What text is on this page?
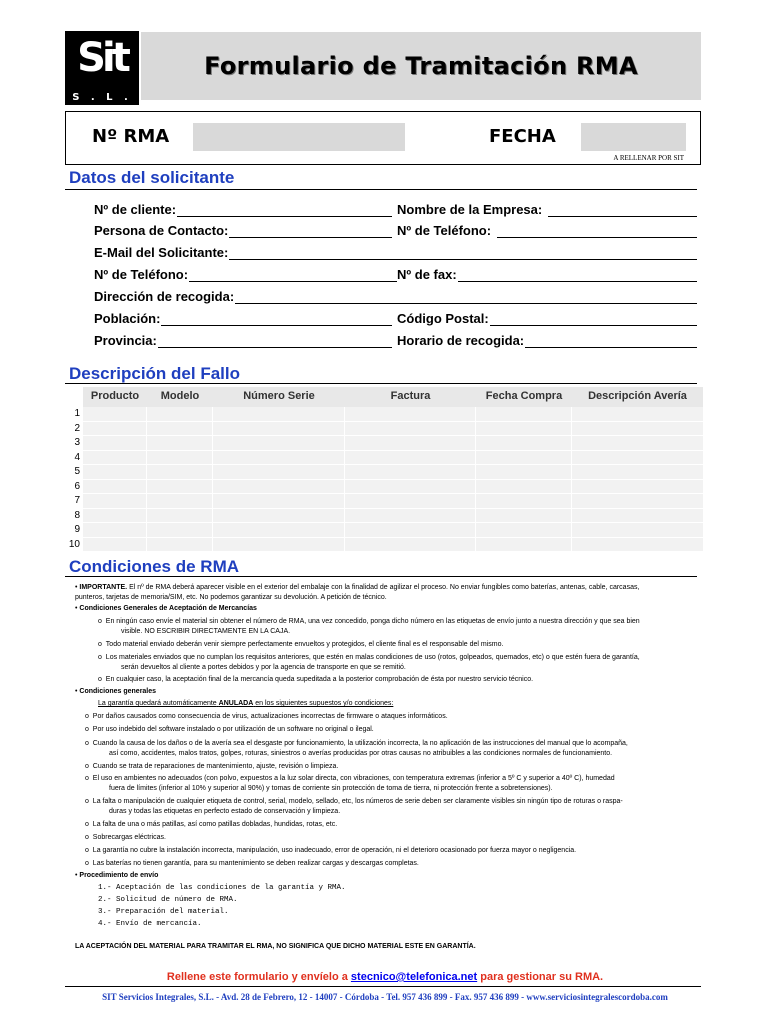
Sit
S . L .
Formulario de Tramitación RMA
Nº RMA	FECHA
A RELLENAR POR SIT
Datos del solicitante
Nº de cliente:	Nombre de la Empresa:
Persona de Contacto:	Nº de Teléfono:
E-Mail del Solicitante:
Nº de Teléfono:	Nº de fax:
Dirección de recogida:
Población:	Código Postal:
Provincia:	Horario de recogida:
Descripción del Fallo
Producto	Modelo	Número Serie	Factura	Fecha Compra	Descripción Avería
1
2
3
4
5
6
7
8
9
10
Condiciones de RMA

• IMPORTANTE. El nº de RMA deberá aparecer visible en el exterior del embalaje con la finalidad de agilizar el proceso. No enviar fungibles como baterías, antenas, cable, carcasas,

punteros, tarjetas de memoria/SIM, etc. No podemos garantizar su devolución. A petición de técnico.

• Condiciones Generales de Aceptación de Mercancías

o  En ningún caso envíe el material sin obtener el número de RMA, una vez concedido, ponga dicho número en las etiquetas de envío junto a nuestra dirección y que sea bien

visible. NO ESCRIBIR DIRECTAMENTE EN LA CAJA.

o  Todo material enviado deberán venir siempre perfectamente envueltos y protegidos, el cliente final es el responsable del mismo.

o  Los materiales enviados que no cumplan los requisitos anteriores, que estén en malas condiciones de uso (rotos, golpeados, quemados, etc) o que estén fuera de garantía,

serán devueltos al cliente a portes debidos y por la agencia de transporte en que se remitió.

o  En cualquier caso, la aceptación final de la mercancía queda supeditada a la posterior comprobación de ésta por nuestro servicio técnico.

• Condiciones generales

La garantía quedará automáticamente ANULADA en los siguientes supuestos y/o condiciones:

o  Por daños causados como consecuencia de virus, actualizaciones incorrectas de firmware o ataques informáticos.

o  Por uso indebido del software instalado o por utilización de un software no original o ilegal.

o  Cuando la causa de los daños o de la avería sea el desgaste por funcionamiento, la utilización incorrecta, la no aplicación de las instrucciones del manual que lo acompaña,

así como, accidentes, malos tratos, golpes, roturas, siniestros o averías producidas por otras causas no atribuibles a las condiciones normales de funcionamiento.

o  Cuando se trata de reparaciones de mantenimiento, ajuste, revisión o limpieza.

o  El uso en ambientes no adecuados (con polvo, expuestos a la luz solar directa, con vibraciones, con temperatura extremas (inferior a 5º C y superior a 40º C), humedad

fuera de límites (inferior al 10% y superior al 90%) y tomas de corriente sin protección de toma de tierra, ni protección frente a sobretensiones).

o  La falta o manipulación de cualquier etiqueta de control, serial, modelo, sellado, etc, los números de serie deben ser claramente visibles sin ningún tipo de roturas o raspa-

duras y todas las etiquetas en perfecto estado de conservación y limpieza.

o  La falta de una o más patillas, así como patillas dobladas, hundidas, rotas, etc.

o  Sobrecargas eléctricas.

o  La garantía no cubre la instalación incorrecta, manipulación, uso inadecuado, error de operación, ni el deterioro ocasionado por fuerza mayor o negligencia.

o  Las baterías no tienen garantía, para su mantenimiento se deben realizar cargas y descargas completas.

• Procedimiento de envío

1.- Aceptación de las condiciones de la garantía y RMA.

2.- Solicitud de número de RMA.

3.- Preparación del material.

4.- Envío de mercancía.

LA ACEPTACIÓN DEL MATERIAL PARA TRAMITAR EL RMA, NO SIGNIFICA QUE DICHO MATERIAL ESTE EN GARANTÍA.

Rellene este formulario y envíelo a stecnico@telefonica.net para gestionar su RMA.
SIT Servicios Integrales, S.L. - Avd. 28 de Febrero, 12 - 14007 - Córdoba - Tel. 957 436 899 - Fax. 957 436 899 - www.serviciosintegralescordoba.com
